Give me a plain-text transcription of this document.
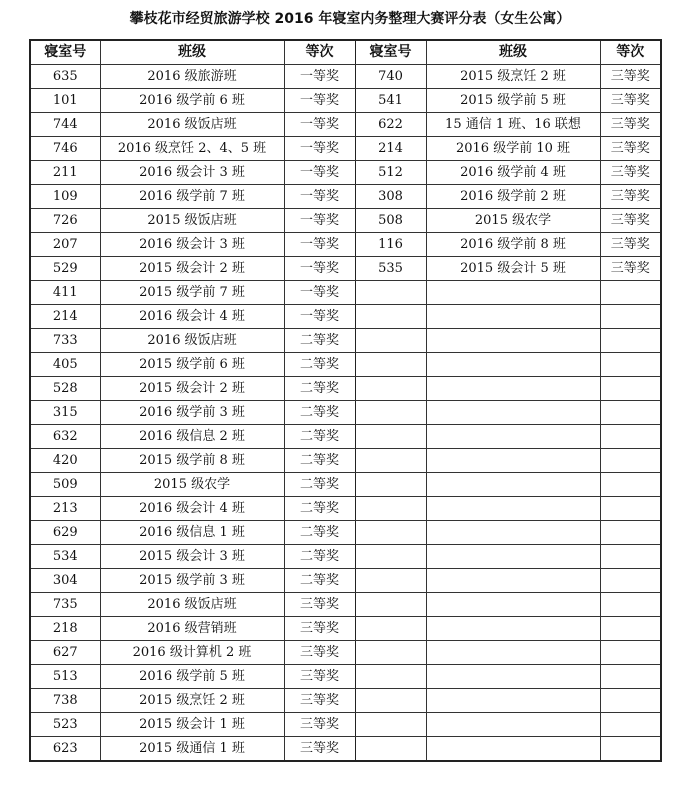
攀枝花市经贸旅游学校 2016 年寝室内务整理大赛评分表（女生公寓）
寝室号	班级	等次	寝室号	班级	等次
635	2016 级旅游班	一等奖	740	2015 级烹饪 2 班	三等奖
101	2016 级学前 6 班	一等奖	541	2015 级学前 5 班	三等奖
744	2016 级饭店班	一等奖	622	15 通信 1 班、16 联想	三等奖
746	2016 级烹饪 2、4、5 班	一等奖	214	2016 级学前 10 班	三等奖
211	2016 级会计 3 班	一等奖	512	2016 级学前 4 班	三等奖
109	2016 级学前 7 班	一等奖	308	2016 级学前 2 班	三等奖
726	2015 级饭店班	一等奖	508	2015 级农学	三等奖
207	2016 级会计 3 班	一等奖	116	2016 级学前 8 班	三等奖
529	2015 级会计 2 班	一等奖	535	2015 级会计 5 班	三等奖
411	2015 级学前 7 班	一等奖			
214	2016 级会计 4 班	一等奖			
733	2016 级饭店班	二等奖			
405	2015 级学前 6 班	二等奖			
528	2015 级会计 2 班	二等奖			
315	2016 级学前 3 班	二等奖			
632	2016 级信息 2 班	二等奖			
420	2015 级学前 8 班	二等奖			
509	2015 级农学	二等奖			
213	2016 级会计 4 班	二等奖			
629	2016 级信息 1 班	二等奖			
534	2015 级会计 3 班	二等奖			
304	2015 级学前 3 班	二等奖			
735	2016 级饭店班	三等奖			
218	2016 级营销班	三等奖			
627	2016 级计算机 2 班	三等奖			
513	2016 级学前 5 班	三等奖			
738	2015 级烹饪 2 班	三等奖			
523	2015 级会计 1 班	三等奖			
623	2015 级通信 1 班	三等奖			
